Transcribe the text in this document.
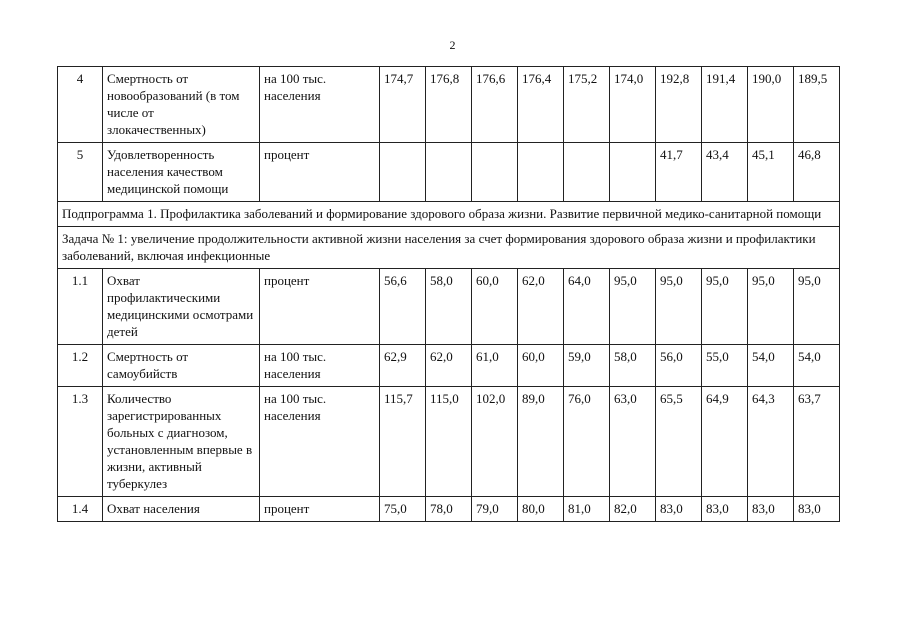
2
4	Смертность от новообразований (в том числе от злокачественных)	на 100 тыс. населения	174,7	176,8	176,6	176,4	175,2	174,0	192,8	191,4	190,0	189,5
5	Удовлетворенность населения качеством медицинской помощи	процент							41,7	43,4	45,1	46,8
Подпрограмма 1. Профилактика заболеваний и формирование здорового образа жизни. Развитие первичной медико-санитарной помощи												
Задача № 1: увеличение продолжительности активной жизни населения за счет формирования здорового образа жизни и профилактики заболеваний, включая инфекционные												
1.1	Охват профилактическими медицинскими осмотрами детей	процент	56,6	58,0	60,0	62,0	64,0	95,0	95,0	95,0	95,0	95,0
1.2	Смертность от самоубийств	на 100 тыс. населения	62,9	62,0	61,0	60,0	59,0	58,0	56,0	55,0	54,0	54,0
1.3	Количество зарегистрированных больных с диагнозом, установленным впервые в жизни, активный туберкулез	на 100 тыс. населения	115,7	115,0	102,0	89,0	76,0	63,0	65,5	64,9	64,3	63,7
1.4	Охват населения	процент	75,0	78,0	79,0	80,0	81,0	82,0	83,0	83,0	83,0	83,0
